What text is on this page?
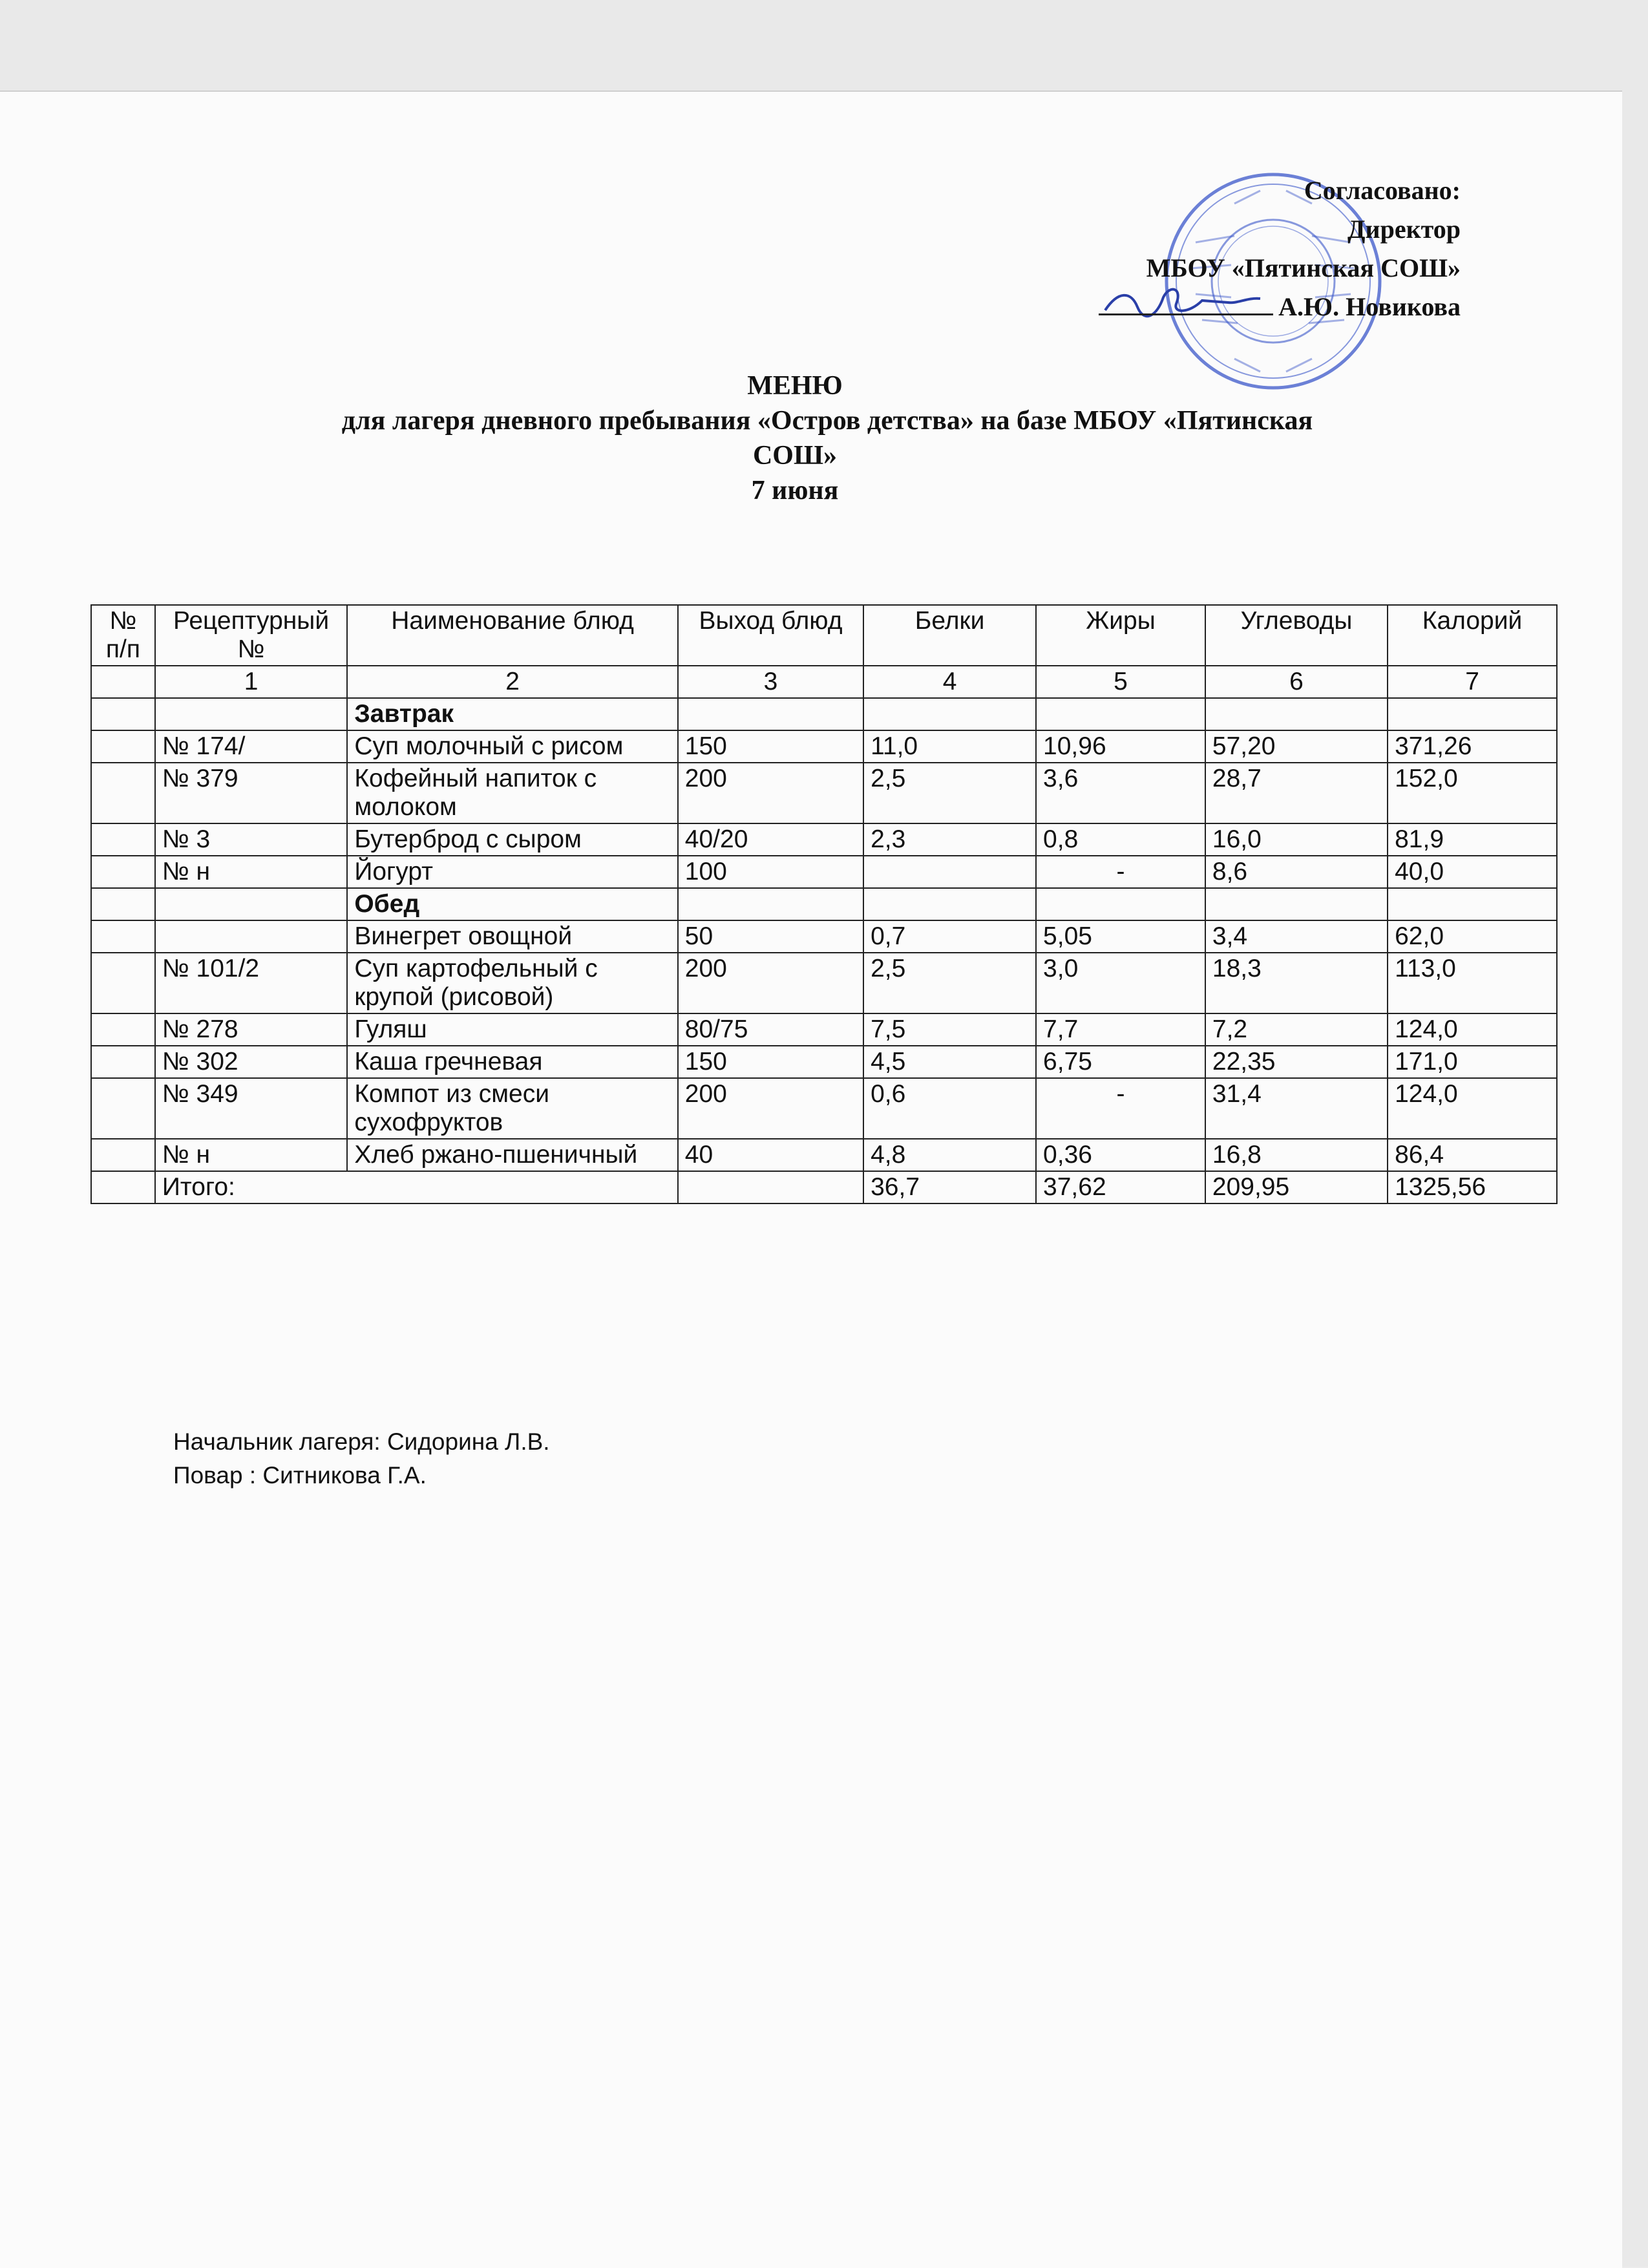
Согласовано:
Директор
МБОУ «Пятинская СОШ»
А.Ю. Новикова
МЕНЮ
для лагеря дневного пребывания «Остров детства» на базе МБОУ «Пятинская
СОШ»
7 июня
№ п/п	Рецептурный №	Наименование блюд	Выход блюд	Белки	Жиры	Углеводы	Калорий
	1	2	3	4	5	6	7
		Завтрак					
	№ 174/	Суп молочный с рисом	150	11,0	10,96	57,20	371,26
	№ 379	Кофейный напиток с молоком	200	2,5	3,6	28,7	152,0
	№ 3	Бутерброд с сыром	40/20	2,3	0,8	16,0	81,9
	№ н	Йогурт	100		-	8,6	40,0
		Обед					
		Винегрет овощной	50	0,7	5,05	3,4	62,0
	№ 101/2	Суп картофельный с крупой (рисовой)	200	2,5	3,0	18,3	113,0
	№ 278	Гуляш	80/75	7,5	7,7	7,2	124,0
	№ 302	Каша гречневая	150	4,5	6,75	22,35	171,0
	№ 349	Компот из смеси сухофруктов	200	0,6	-	31,4	124,0
	№ н	Хлеб ржано-пшеничный	40	4,8	0,36	16,8	86,4
	Итого:			36,7	37,62	209,95	1325,56
Начальник лагеря: Сидорина Л.В.
Повар : Ситникова Г.А.
